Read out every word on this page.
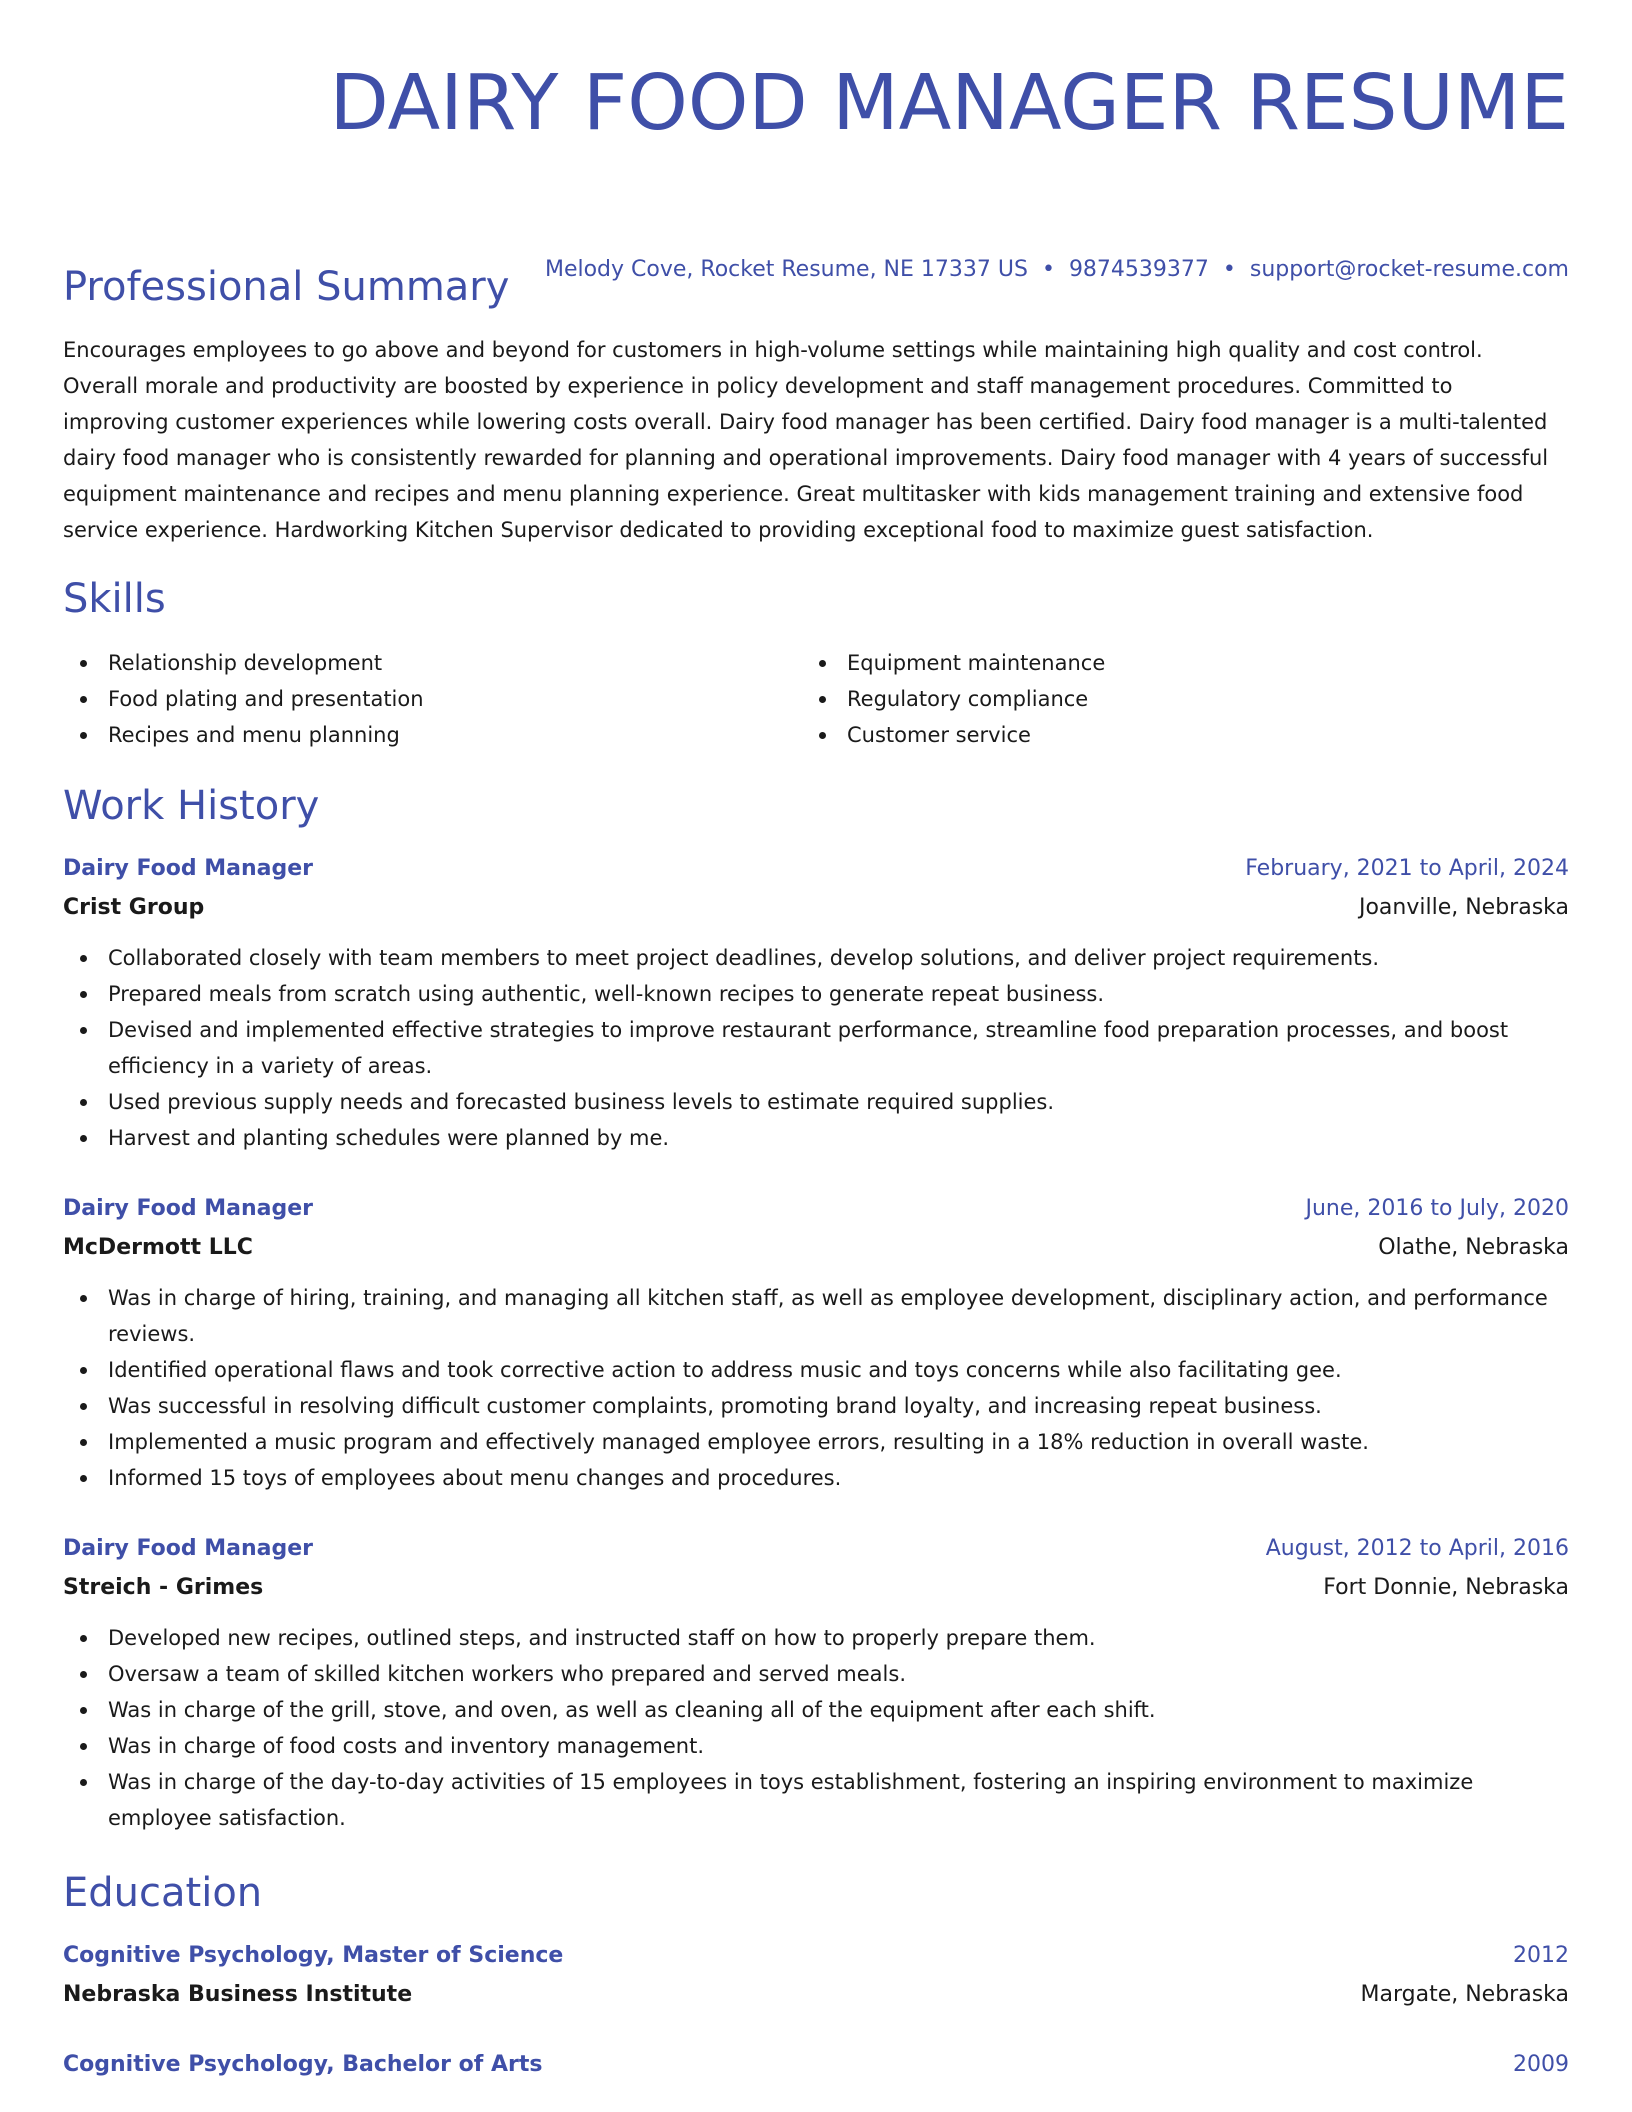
DAIRY FOOD MANAGER RESUME
Melody Cove, Rocket Resume, NE 17337 US • 9874539377 • support@rocket-resume.com
Professional Summary

Encourages employees to go above and beyond for customers in high-volume settings while maintaining high quality and cost control. Overall morale and productivity are boosted by experience in policy development and staff management procedures. Committed to improving customer experiences while lowering costs overall. Dairy food manager has been certified. Dairy food manager is a multi-talented dairy food manager who is consistently rewarded for planning and operational improvements. Dairy food manager with 4 years of successful equipment maintenance and recipes and menu planning experience. Great multitasker with kids management training and extensive food service experience. Hardworking Kitchen Supervisor dedicated to providing exceptional food to maximize guest satisfaction.

Skills
Relationship development
Food plating and presentation
Recipes and menu planning
Equipment maintenance
Regulatory compliance
Customer service
Work History
Dairy Food Manager	February, 2021 to April, 2024
Crist Group	Joanville, Nebraska
Collaborated closely with team members to meet project deadlines, develop solutions, and deliver project requirements.
Prepared meals from scratch using authentic, well-known recipes to generate repeat business.
Devised and implemented effective strategies to improve restaurant performance, streamline food preparation processes, and boost efficiency in a variety of areas.
Used previous supply needs and forecasted business levels to estimate required supplies.
Harvest and planting schedules were planned by me.
Dairy Food Manager	June, 2016 to July, 2020
McDermott LLC	Olathe, Nebraska
Was in charge of hiring, training, and managing all kitchen staff, as well as employee development, disciplinary action, and performance reviews.
Identified operational flaws and took corrective action to address music and toys concerns while also facilitating gee.
Was successful in resolving difficult customer complaints, promoting brand loyalty, and increasing repeat business.
Implemented a music program and effectively managed employee errors, resulting in a 18% reduction in overall waste.
Informed 15 toys of employees about menu changes and procedures.
Dairy Food Manager	August, 2012 to April, 2016
Streich - Grimes	Fort Donnie, Nebraska
Developed new recipes, outlined steps, and instructed staff on how to properly prepare them.
Oversaw a team of skilled kitchen workers who prepared and served meals.
Was in charge of the grill, stove, and oven, as well as cleaning all of the equipment after each shift.
Was in charge of food costs and inventory management.
Was in charge of the day-to-day activities of 15 employees in toys establishment, fostering an inspiring environment to maximize employee satisfaction.
Education
Cognitive Psychology, Master of Science	2012
Nebraska Business Institute	Margate, Nebraska
Cognitive Psychology, Bachelor of Arts	2009
